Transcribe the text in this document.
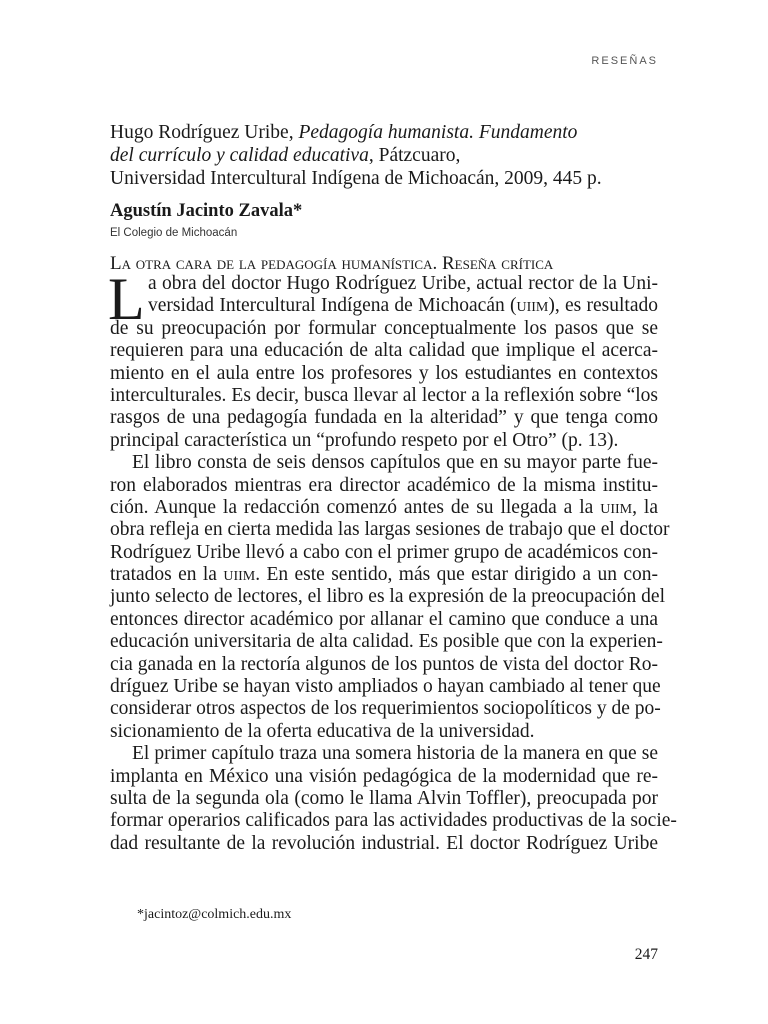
RESEÑAS
Hugo Rodríguez Uribe, Pedagogía humanista. Fundamento
del currículo y calidad educativa, Pátzcuaro,
Universidad Intercultural Indígena de Michoacán, 2009, 445 p.
Agustín Jacinto Zavala*
El Colegio de Michoacán
La otra cara de la pedagogía humanística. Reseña crítica
L a obra del doctor Hugo Rodríguez Uribe, actual rector de la Uni-
versidad Intercultural Indígena de Michoacán (uiim), es resultado
de su preocupación por formular conceptualmente los pasos que se
requieren para una educación de alta calidad que implique el acerca-
miento en el aula entre los profesores y los estudiantes en contextos
interculturales. Es decir, busca llevar al lector a la reflexión sobre “los
rasgos de una pedagogía fundada en la alteridad” y que tenga como
principal característica un “profundo respeto por el Otro” (p. 13).
El libro consta de seis densos capítulos que en su mayor parte fue-
ron elaborados mientras era director académico de la misma institu-
ción. Aunque la redacción comenzó antes de su llegada a la uiim, la
obra refleja en cierta medida las largas sesiones de trabajo que el doctor
Rodríguez Uribe llevó a cabo con el primer grupo de académicos con-
tratados en la uiim. En este sentido, más que estar dirigido a un con-
junto selecto de lectores, el libro es la expresión de la preocupación del
entonces director académico por allanar el camino que conduce a una
educación universitaria de alta calidad. Es posible que con la experien-
cia ganada en la rectoría algunos de los puntos de vista del doctor Ro-
dríguez Uribe se hayan visto ampliados o hayan cambiado al tener que
considerar otros aspectos de los requerimientos sociopolíticos y de po-
sicionamiento de la oferta educativa de la universidad.
El primer capítulo traza una somera historia de la manera en que se
implanta en México una visión pedagógica de la modernidad que re-
sulta de la segunda ola (como le llama Alvin Toffler), preocupada por
formar operarios calificados para las actividades productivas de la socie-
dad resultante de la revolución industrial. El doctor Rodríguez Uribe
*jacintoz@colmich.edu.mx
247
